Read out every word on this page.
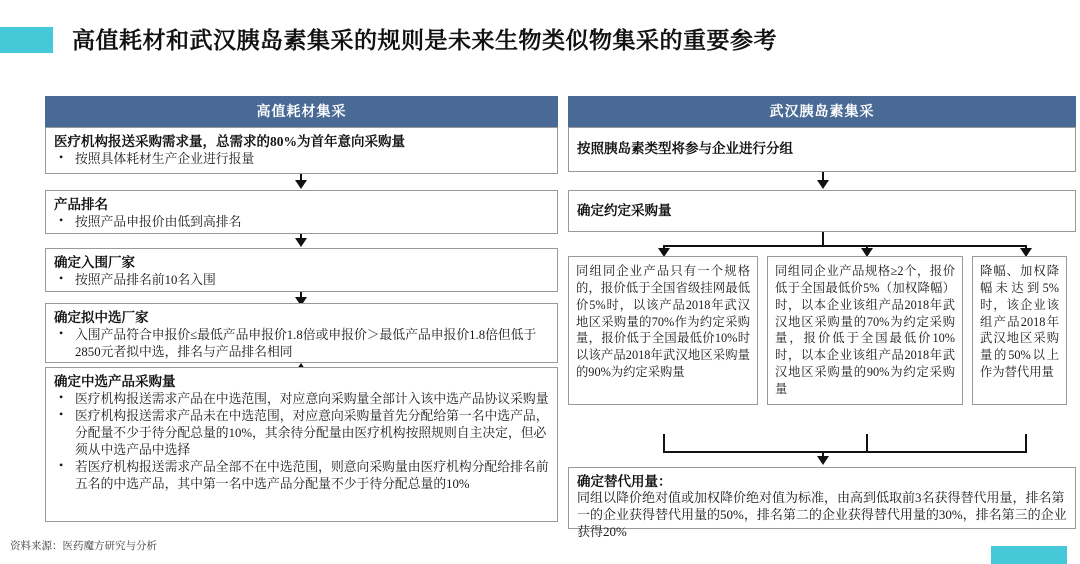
高值耗材和武汉胰岛素集采的规则是未来生物类似物集采的重要参考
高值耗材集采
医疗机构报送采购需求量，总需求的80%为首年意向采购量
• 按照具体耗材生产企业进行报量
产品排名
• 按照产品申报价由低到高排名
确定入围厂家
• 按照产品排名前10名入围
确定拟中选厂家
• 入围产品符合申报价≤最低产品申报价1.8倍或申报价＞最低产品申报价1.8倍但低于2850元者拟中选，排名与产品排名相同
确定中选产品采购量
• 医疗机构报送需求产品在中选范围，对应意向采购量全部计入该中选产品协议采购量
• 医疗机构报送需求产品未在中选范围，对应意向采购量首先分配给第一名中选产品，分配量不少于待分配总量的10%，其余待分配量由医疗机构按照规则自主决定，但必须从中选产品中选择
• 若医疗机构报送需求产品全部不在中选范围，则意向采购量由医疗机构分配给排名前五名的中选产品，其中第一名中选产品分配量不少于待分配总量的10%
武汉胰岛素集采
按照胰岛素类型将参与企业进行分组
确定约定采购量
同组同企业产品只有一个规格的，报价低于全国省级挂网最低价5%时，以该产品2018年武汉地区采购量的70%作为约定采购量，报价低于全国最低价10%时以该产品2018年武汉地区采购量的90%为约定采购量
同组同企业产品规格≥2个，报价低于全国最低价5%（加权降幅）时，以本企业该组产品2018年武汉地区采购量的70%为约定采购量，报价低于全国最低价10%时，以本企业该组产品2018年武汉地区采购量的90%为约定采购量
降幅、加权降幅未达到5%时，该企业该组产品2018年武汉地区采购量的50%以上作为替代用量
确定替代用量：
同组以降价绝对值或加权降价绝对值为标准，由高到低取前3名获得替代用量，排名第一的企业获得替代用量的50%，排名第二的企业获得替代用量的30%，排名第三的企业获得20%
资料来源：医药魔方研究与分析
